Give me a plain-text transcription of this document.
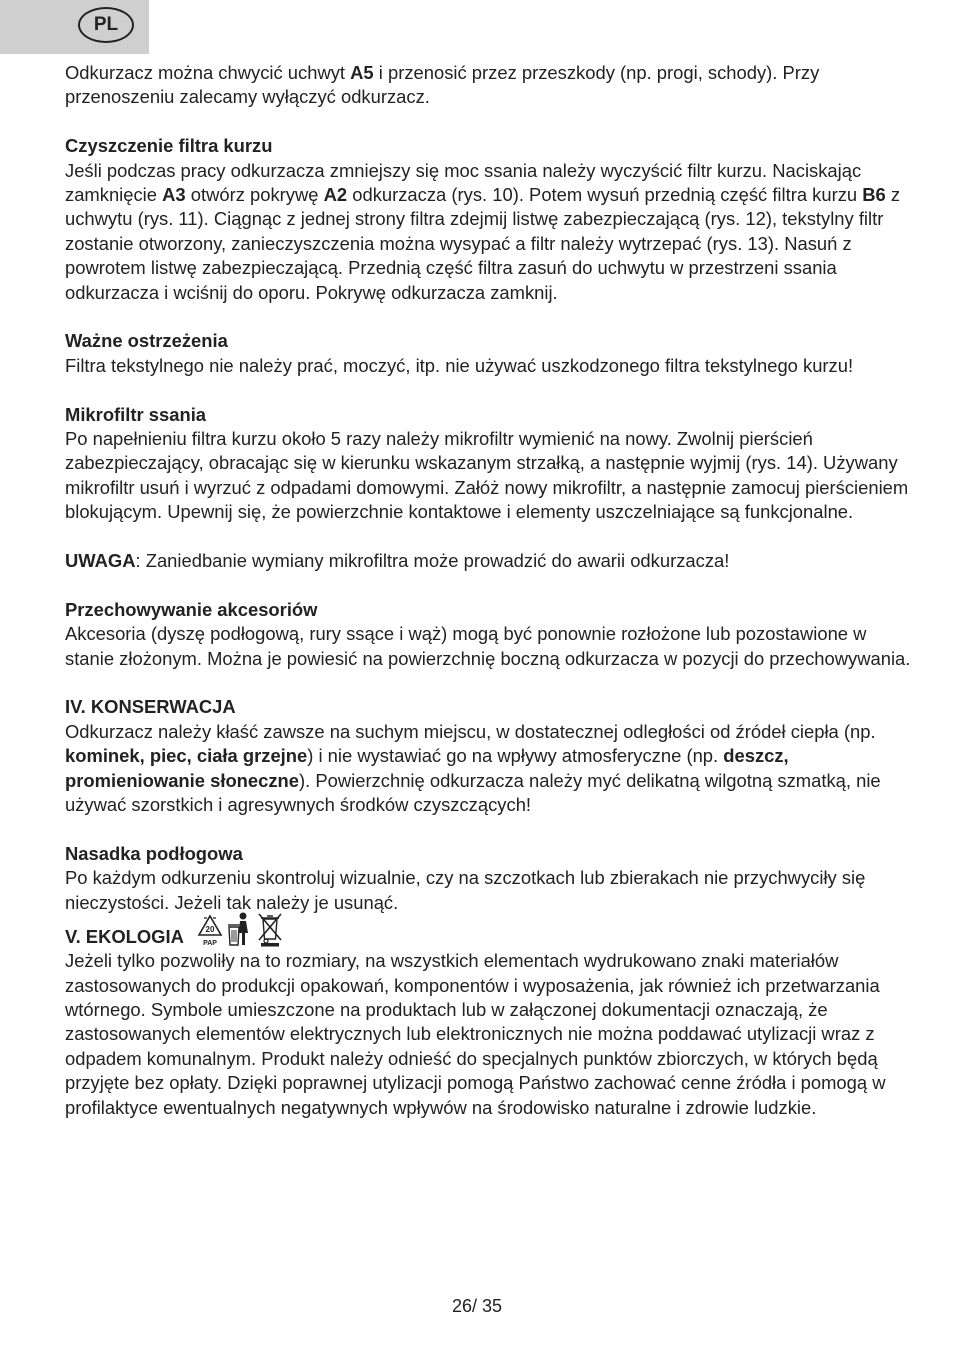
PL

Odkurzacz można chwycić uchwyt A5 i przenosić przez przeszkody (np. progi, schody). Przy przenoszeniu zalecamy wyłączyć odkurzacz.

Czyszczenie filtra kurzu

Jeśli podczas pracy odkurzacza zmniejszy się moc ssania należy wyczyścić filtr kurzu. Naciskając zamknięcie A3 otwórz pokrywę A2 odkurzacza (rys. 10). Potem wysuń przednią część filtra kurzu B6 z uchwytu (rys. 11). Ciągnąc z jednej strony filtra zdejmij listwę zabezpieczającą (rys. 12), tekstylny filtr zostanie otworzony, zanieczyszczenia można wysypać a filtr należy wytrzepać (rys. 13). Nasuń z powrotem listwę zabezpieczającą. Przednią część filtra zasuń do uchwytu w przestrzeni ssania odkurzacza i wciśnij do oporu. Pokrywę odkurzacza zamknij.

Ważne ostrzeżenia

Filtra tekstylnego nie należy prać, moczyć, itp. nie używać uszkodzonego filtra tekstylnego kurzu!

Mikrofiltr ssania

Po napełnieniu filtra kurzu około 5 razy należy mikrofiltr wymienić na nowy. Zwolnij pierścień zabezpieczający, obracając się w kierunku wskazanym strzałką, a następnie wyjmij (rys. 14). Używany mikrofiltr usuń i wyrzuć z odpadami domowymi. Załóż nowy mikrofiltr, a następnie zamocuj pierścieniem blokującym. Upewnij się, że powierzchnie kontaktowe i elementy uszczelniające są funkcjonalne.

UWAGA: Zaniedbanie wymiany mikrofiltra może prowadzić do awarii odkurzacza!

Przechowywanie akcesoriów

Akcesoria (dyszę podłogową, rury ssące i wąż) mogą być ponownie rozłożone lub pozostawione w stanie złożonym. Można je powiesić na powierzchnię boczną odkurzacza w pozycji do przechowywania.

IV. KONSERWACJA

Odkurzacz należy kłaść zawsze na suchym miejscu, w dostatecznej odległości od źródeł ciepła (np. kominek, piec, ciała grzejne) i nie wystawiać go na wpływy atmosferyczne (np. deszcz, promieniowanie słoneczne). Powierzchnię odkurzacza należy myć delikatną wilgotną szmatką, nie używać szorstkich i agresywnych środków czyszczących!

Nasadka podłogowa

Po każdym odkurzeniu skontroluj wizualnie, czy na szczotkach lub zbierakach nie przychwyciły się nieczystości. Jeżeli tak należy je usunąć.

V. EKOLOGIA	20
PAP

Jeżeli tylko pozwoliły na to rozmiary, na wszystkich elementach wydrukowano znaki materiałów zastosowanych do produkcji opakowań, komponentów i wyposażenia, jak również ich przetwarzania wtórnego. Symbole umieszczone na produktach lub w załączonej dokumentacji oznaczają, że zastosowanych elementów elektrycznych lub elektronicznych nie można poddawać utylizacji wraz z odpadem komunalnym. Produkt należy odnieść do specjalnych punktów zbiorczych, w których będą przyjęte bez opłaty. Dzięki poprawnej utylizacji pomogą Państwo zachować cenne źródła i pomogą w profilaktyce ewentualnych negatywnych wpływów na środowisko naturalne i zdrowie ludzkie.

26/ 35
